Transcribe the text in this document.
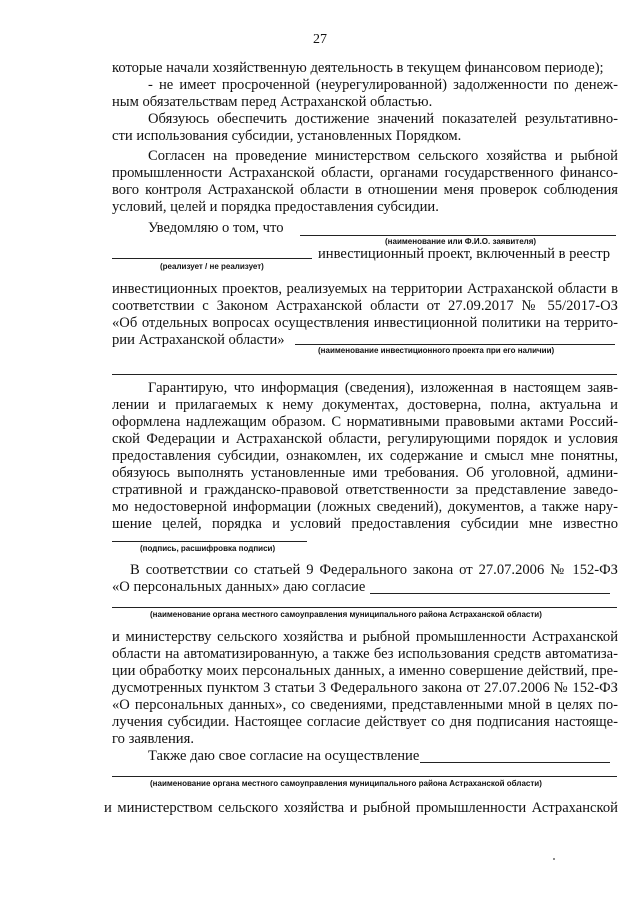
27
которые начали хозяйственную деятельность в текущем финансовом периоде);
- не имеет просроченной (неурегулированной) задолженности по денеж-
ным обязательствам перед Астраханской областью.
Обязуюсь обеспечить достижение значений показателей результативно-
сти использования субсидии, установленных Порядком.
Согласен на проведение министерством сельского хозяйства и рыбной
промышленности Астраханской области, органами государственного финансо-
вого контроля Астраханской области в отношении меня проверок соблюдения
условий, целей и порядка предоставления субсидии.
Уведомляю о том, что
(наименование или Ф.И.О. заявителя)
инвестиционный проект, включенный в реестр
(реализует / не реализует)
инвестиционных проектов, реализуемых на территории Астраханской области в
соответствии с Законом Астраханской области от 27.09.2017 № 55/2017-ОЗ
«Об отдельных вопросах осуществления инвестиционной политики на террито-
рии Астраханской области»
(наименование инвестиционного проекта при его наличии)
Гарантирую, что информация (сведения), изложенная в настоящем заяв-
лении и прилагаемых к нему документах, достоверна, полна, актуальна и
оформлена надлежащим образом. С нормативными правовыми актами Россий-
ской Федерации и Астраханской области, регулирующими порядок и условия
предоставления субсидии, ознакомлен, их содержание и смысл мне понятны,
обязуюсь выполнять установленные ими требования. Об уголовной, админи-
стративной и гражданско-правовой ответственности за представление заведо-
мо недостоверной информации (ложных сведений), документов, а также нару-
шение целей, порядка и условий предоставления субсидии мне известно
(подпись, расшифровка подписи)
В соответствии со статьей 9 Федерального закона от 27.07.2006 № 152-ФЗ
«О персональных данных» даю согласие
(наименование органа местного самоуправления муниципального района Астраханской области)
и министерству сельского хозяйства и рыбной промышленности Астраханской
области на автоматизированную, а также без использования средств автоматиза-
ции обработку моих персональных данных, а именно совершение действий, пре-
дусмотренных пунктом 3 статьи 3 Федерального закона от 27.07.2006 № 152-ФЗ
«О персональных данных», со сведениями, представленными мной в целях по-
лучения субсидии. Настоящее согласие действует со дня подписания настояще-
го заявления.
Также даю свое согласие на осуществление
(наименование органа местного самоуправления муниципального района Астраханской области)
и министерством сельского хозяйства и рыбной промышленности Астраханской
